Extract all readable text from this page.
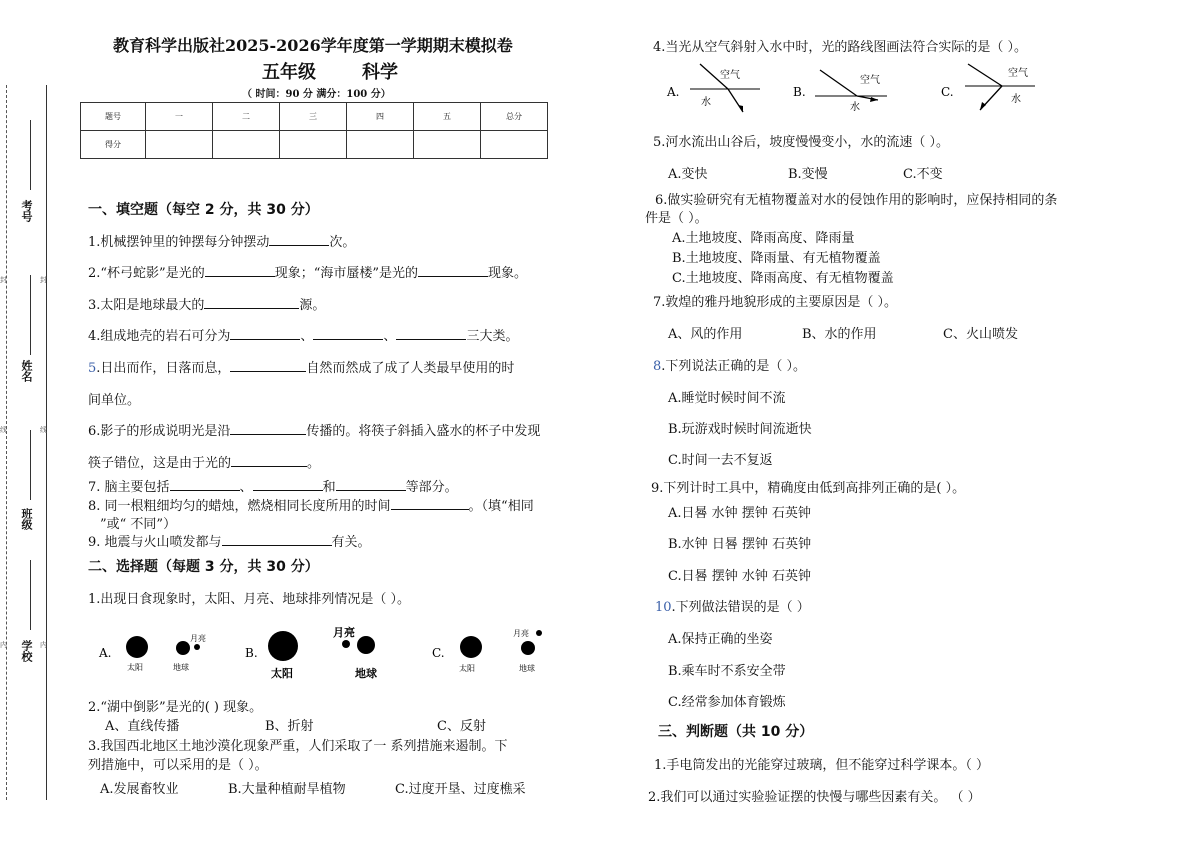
考号
姓名
班级
学校
封	封
线	线
内	内
教育科学出版社2025-2026学年度第一学期期末模拟卷
五年级	科学
（ 时间：90 分 满分：100 分）
题号	一	二	三	四	五	总分
得分						
一、填空题（每空 2 分，共 30 分）
1.机械摆钟里的钟摆每分钟摆动	次。
2.“杯弓蛇影”是光的	现象；“海市蜃楼”是光的	现象。
3.太阳是地球最大的	源。
4.组成地壳的岩石可分为	、	、	三大类。
5.日出而作，日落而息，	自然而然成了成了人类最早使用的时
间单位。
6.影子的形成说明光是沿	传播的。将筷子斜插入盛水的杯子中发现
筷子错位，这是由于光的	。
7. 脑主要包括	、	和	等部分。
8. 同一根粗细均匀的蜡烛，燃烧相同长度所用的时间	。（填“相同
”或“ 不同”）
9. 地震与火山喷发都与	有关。
二、选择题（每题 3 分，共 30 分）
1.出现日食现象时，太阳、月亮、地球排列情况是（ ）。
A.
太阳	地球
月亮
B.
太阳
月亮
地球
C.
太阳	地球
月亮
2.“湖中倒影”是光的( ) 现象。
A、直线传播	B、折射	C、反射
3.我国西北地区土地沙漠化现象严重，人们采取了一 系列措施来遏制。下
列措施中，可以采用的是（ ）。
A.发展畜牧业	B.大量种植耐旱植物	C.过度开垦、过度樵采
4.当光从空气斜射入水中时，光的路线图画法符合实际的是（ ）。
A.
空气
水
B.
空气
水
C.
空气
水
5.河水流出山谷后，坡度慢慢变小，水的流速（ ）。
A.变快	B.变慢	C.不变
6.做实验研究有无植物覆盖对水的侵蚀作用的影响时，应保持相同的条
件是（ ）。
A.土地坡度、降雨高度、降雨量
B.土地坡度、降雨量、有无植物覆盖
C.土地坡度、降雨高度、有无植物覆盖
7.敦煌的雅丹地貌形成的主要原因是（ ）。
A、风的作用	B、水的作用	C、火山喷发
8.下列说法正确的是（ ）。
A.睡觉时候时间不流
B.玩游戏时候时间流逝快
C.时间一去不复返
9.下列计时工具中，精确度由低到高排列正确的是( ）。
A.日晷 水钟 摆钟 石英钟
B.水钟 日晷 摆钟 石英钟
C.日晷 摆钟 水钟 石英钟
10.下列做法错误的是（ ）
A.保持正确的坐姿
B.乘车时不系安全带
C.经常参加体育锻炼
三、判断题（共 10 分）
1.手电筒发出的光能穿过玻璃，但不能穿过科学课本。（ ）
2.我们可以通过实验验证摆的快慢与哪些因素有关。 （ ）
